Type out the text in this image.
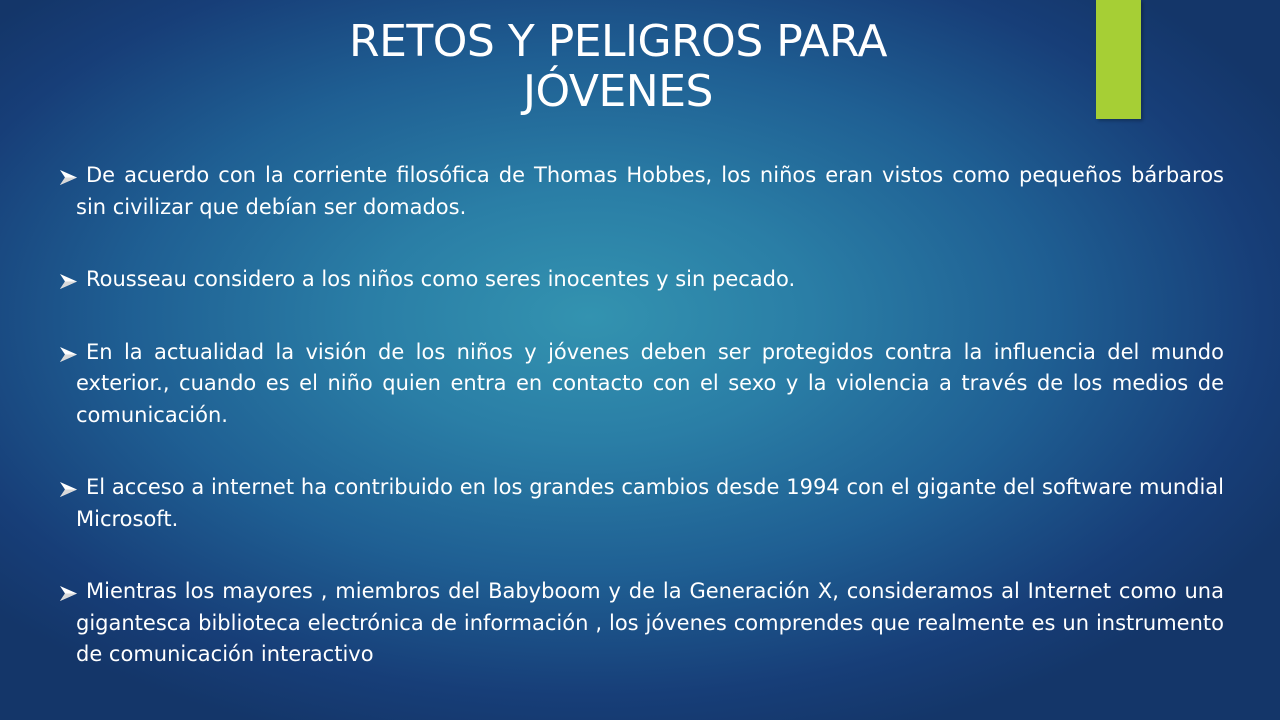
RETOS Y PELIGROS PARA JÓVENES
De acuerdo con la corriente filosófica de Thomas Hobbes, los niños eran vistos como pequeños bárbaros sin civilizar que debían ser domados.
Rousseau considero a los niños como seres inocentes y sin pecado.
En la actualidad la visión de los niños y jóvenes deben ser protegidos contra la influencia del mundo exterior., cuando es el niño quien entra en contacto con el sexo y la violencia a través de los medios de comunicación.
El acceso a internet ha contribuido en los grandes cambios desde 1994 con el gigante del software mundial Microsoft.
Mientras los mayores , miembros del Babyboom y de la Generación X, consideramos al Internet como una gigantesca biblioteca electrónica de información , los jóvenes comprendes que realmente es un instrumento de comunicación interactivo
